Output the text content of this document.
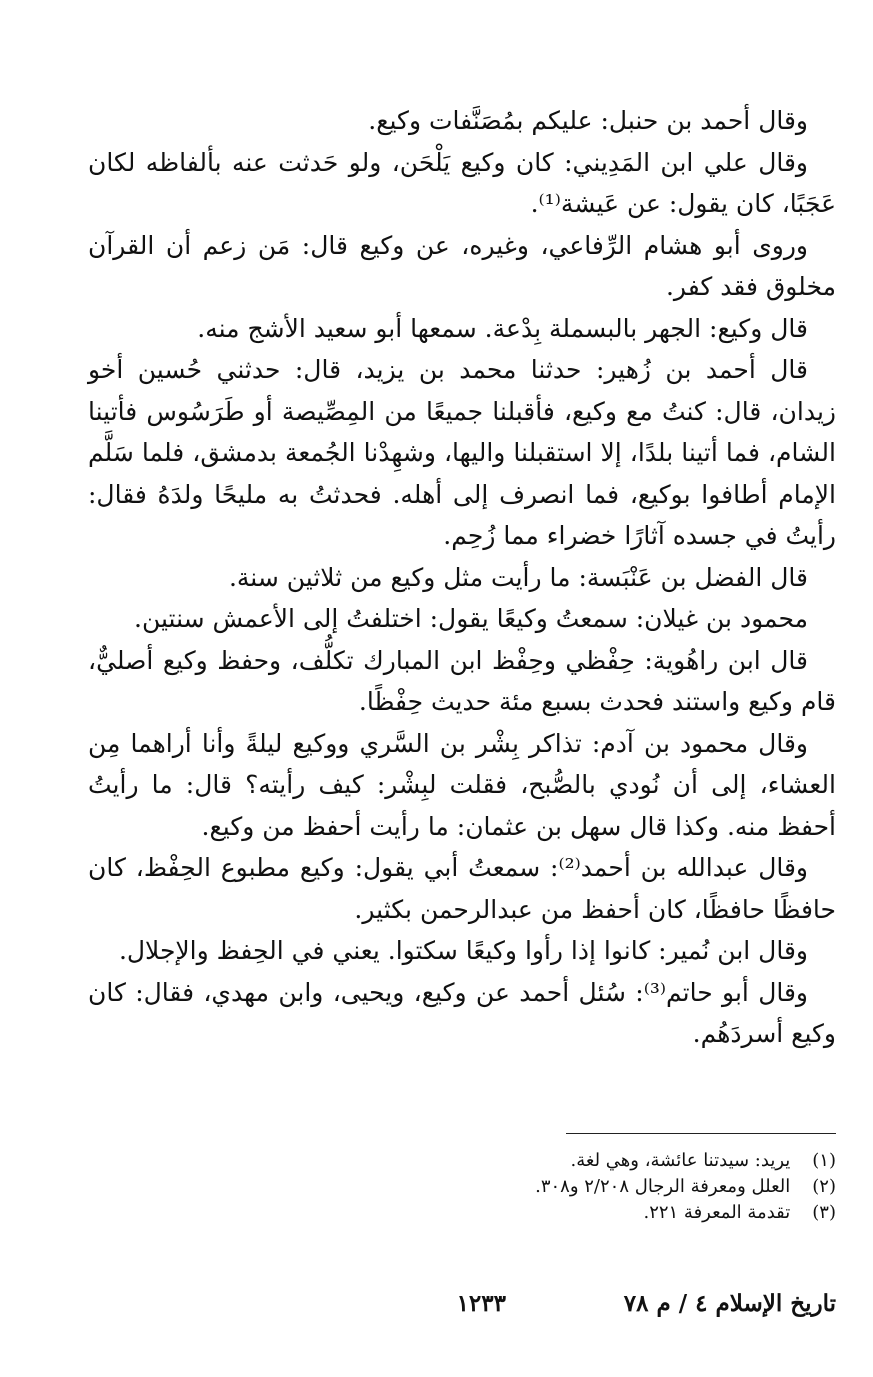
وقال أحمد بن حنبل: عليكم بمُصَنَّفات وكيع.

وقال علي ابن المَدِيني: كان وكيع يَلْحَن، ولو حَدثت عنه بألفاظه لكان عَجَبًا، كان يقول: عن عَيشة⁽¹⁾.

وروى أبو هشام الرِّفاعي، وغيره، عن وكيع قال: مَن زعم أن القرآن مخلوق فقد كفر.

قال وكيع: الجهر بالبسملة بِدْعة. سمعها أبو سعيد الأشج منه.

قال أحمد بن زُهير: حدثنا محمد بن يزيد، قال: حدثني حُسين أخو زيدان، قال: كنتُ مع وكيع، فأقبلنا جميعًا من المِصِّيصة أو طَرَسُوس فأتينا الشام، فما أتينا بلدًا، إلا استقبلنا واليها، وشهِدْنا الجُمعة بدمشق، فلما سَلَّم الإمام أطافوا بوكيع، فما انصرف إلى أهله. فحدثتُ به مليحًا ولدَهُ فقال: رأيتُ في جسده آثارًا خضراء مما زُحِم.

قال الفضل بن عَنْبَسة: ما رأيت مثل وكيع من ثلاثين سنة.

محمود بن غيلان: سمعتُ وكيعًا يقول: اختلفتُ إلى الأعمش سنتين.

قال ابن راهُوية: حِفْظي وحِفْظ ابن المبارك تكلُّف، وحفظ وكيع أصليٌّ، قام وكيع واستند فحدث بسبع مئة حديث حِفْظًا.

وقال محمود بن آدم: تذاكر بِشْر بن السَّري ووكيع ليلةً وأنا أراهما مِن العشاء، إلى أن نُودي بالصُّبح، فقلت لبِشْر: كيف رأيته؟ قال: ما رأيتُ أحفظ منه. وكذا قال سهل بن عثمان: ما رأيت أحفظ من وكيع.

وقال عبدالله بن أحمد⁽²⁾: سمعتُ أبي يقول: وكيع مطبوع الحِفْظ، كان حافظًا حافظًا، كان أحفظ من عبدالرحمن بكثير.

وقال ابن نُمير: كانوا إذا رأوا وكيعًا سكتوا. يعني في الحِفظ والإجلال.

وقال أبو حاتم⁽³⁾: سُئل أحمد عن وكيع، ويحيى، وابن مهدي، فقال: كان وكيع أسردَهُم.

(١) يريد: سيدتنا عائشة، وهي لغة.
(٢) العلل ومعرفة الرجال ٢/٢٠٨ و٣٠٨.
(٣) تقدمة المعرفة ٢٢١.
تاريخ الإسلام ٤ / م ٧٨
١٢٣٣
